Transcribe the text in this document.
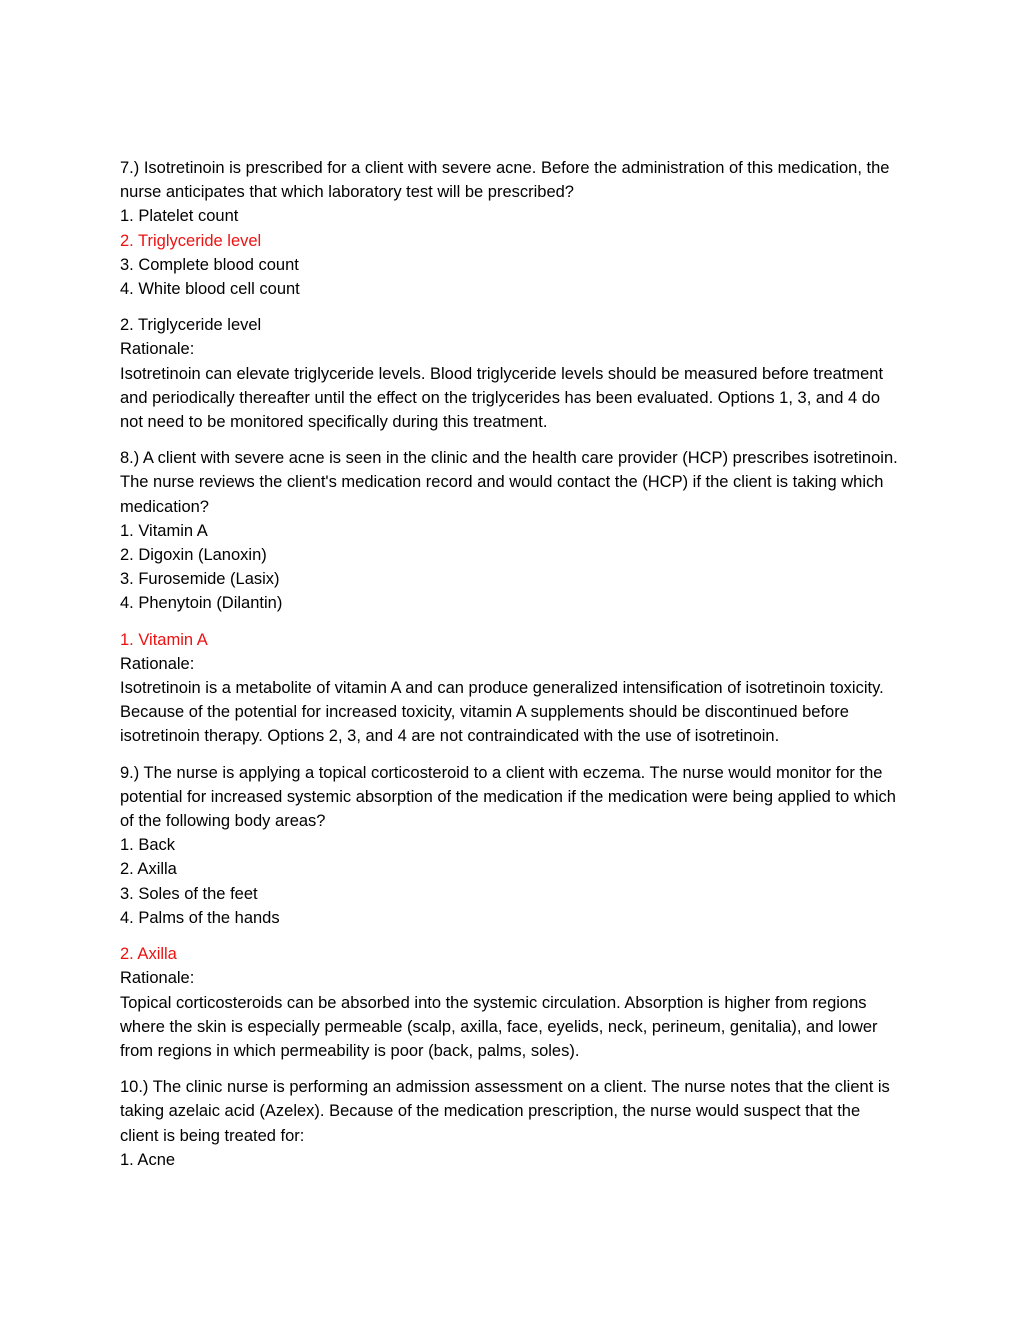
7.) Isotretinoin is prescribed for a client with severe acne. Before the administration of this medication, the nurse anticipates that which laboratory test will be prescribed?
1. Platelet count
2. Triglyceride level
3. Complete blood count
4. White blood cell count
2. Triglyceride level
Rationale:
Isotretinoin can elevate triglyceride levels. Blood triglyceride levels should be measured before treatment and periodically thereafter until the effect on the triglycerides has been evaluated. Options 1, 3, and 4 do not need to be monitored specifically during this treatment.
8.) A client with severe acne is seen in the clinic and the health care provider (HCP) prescribes isotretinoin. The nurse reviews the client's medication record and would contact the (HCP) if the client is taking which medication?
1. Vitamin A
2. Digoxin (Lanoxin)
3. Furosemide (Lasix)
4. Phenytoin (Dilantin)
1. Vitamin A
Rationale:
Isotretinoin is a metabolite of vitamin A and can produce generalized intensification of isotretinoin toxicity. Because of the potential for increased toxicity, vitamin A supplements should be discontinued before isotretinoin therapy. Options 2, 3, and 4 are not contraindicated with the use of isotretinoin.
9.) The nurse is applying a topical corticosteroid to a client with eczema. The nurse would monitor for the potential for increased systemic absorption of the medication if the medication were being applied to which of the following body areas?
1. Back
2. Axilla
3. Soles of the feet
4. Palms of the hands
2. Axilla
Rationale:
Topical corticosteroids can be absorbed into the systemic circulation. Absorption is higher from regions where the skin is especially permeable (scalp, axilla, face, eyelids, neck, perineum, genitalia), and lower from regions in which permeability is poor (back, palms, soles).
10.) The clinic nurse is performing an admission assessment on a client. The nurse notes that the client is taking azelaic acid (Azelex). Because of the medication prescription, the nurse would suspect that the client is being treated for:
1. Acne
